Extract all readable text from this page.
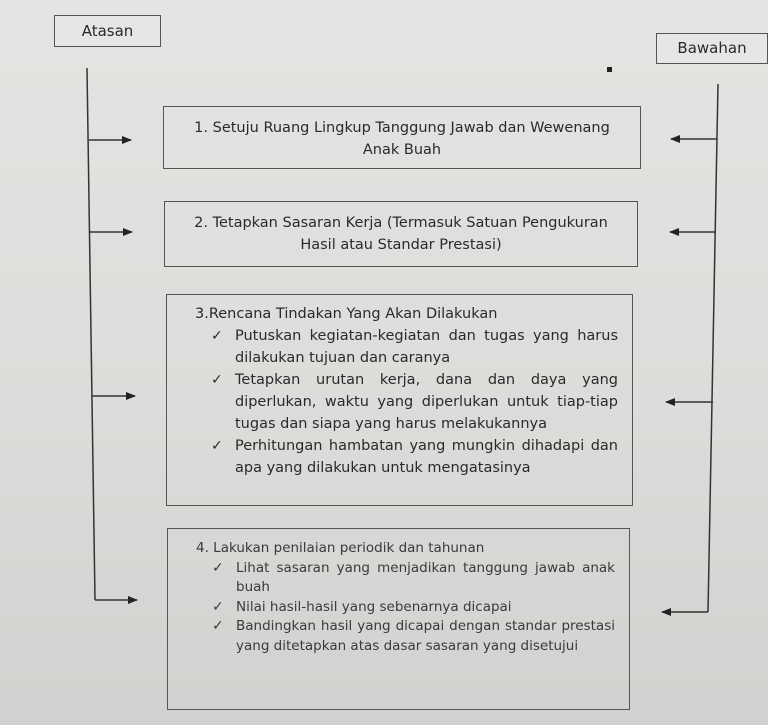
Atasan
Bawahan
1. Setuju Ruang Lingkup Tanggung Jawab dan Wewenang Anak Buah
2. Tetapkan Sasaran Kerja (Termasuk Satuan Pengukuran Hasil atau Standar Prestasi)
3.Rencana Tindakan Yang Akan Dilakukan
✓ Putuskan kegiatan-kegiatan dan tugas yang harus dilakukan tujuan dan caranya
✓ Tetapkan urutan kerja, dana dan daya yang diperlukan, waktu yang diperlukan untuk tiap-tiap tugas dan siapa yang harus melakukannya
✓ Perhitungan hambatan yang mungkin dihadapi dan apa yang dilakukan untuk mengatasinya
4. Lakukan penilaian periodik dan tahunan
✓ Lihat sasaran yang menjadikan tanggung jawab anak buah
✓ Nilai hasil-hasil yang sebenarnya dicapai
✓ Bandingkan hasil yang dicapai dengan standar prestasi yang ditetapkan atas dasar sasaran yang disetujui
